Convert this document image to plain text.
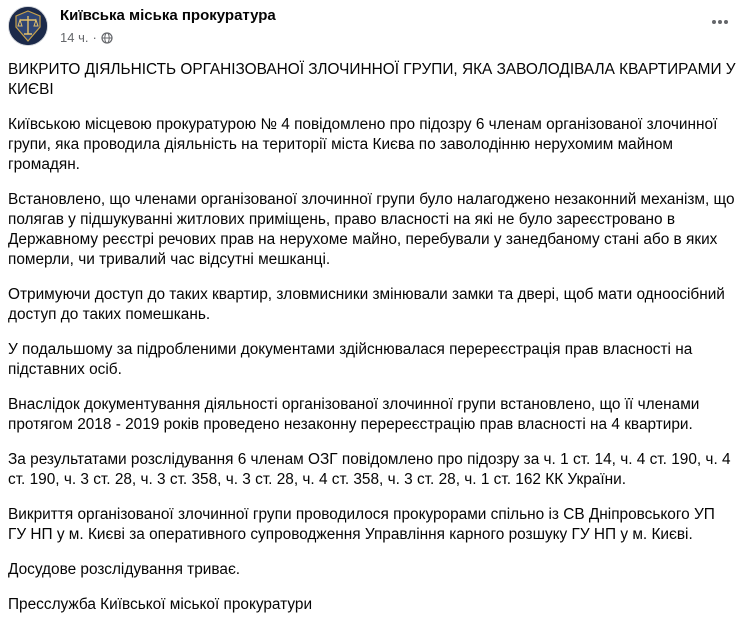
Київська міська прокуратура
14 ч. ·

ВИКРИТО ДІЯЛЬНІСТЬ ОРГАНІЗОВАНОЇ ЗЛОЧИННОЇ ГРУПИ, ЯКА ЗАВОЛОДІВАЛА КВАРТИРАМИ У КИЄВІ

Київською місцевою прокуратурою № 4 повідомлено про підозру 6 членам організованої злочинної групи, яка проводила діяльність на території міста Києва по заволодінню нерухомим майном громадян.

Встановлено, що членами організованої злочинної групи було налагоджено незаконний механізм, що полягав у підшукуванні житлових приміщень, право власності на які не було зареєстровано в Державному реєстрі речових прав на нерухоме майно, перебували у занедбаному стані або в яких померли, чи тривалий час відсутні мешканці.

Отримуючи доступ до таких квартир, зловмисники змінювали замки та двері, щоб мати одноосібний доступ до таких помешкань.

У подальшому за підробленими документами здійснювалася перереєстрація прав власності на підставних осіб.

Внаслідок документування діяльності організованої злочинної групи встановлено, що її членами протягом 2018 - 2019 років проведено незаконну перереєстрацію прав власності на 4 квартири.

За результатами розслідування 6 членам ОЗГ повідомлено про підозру за ч. 1 ст. 14, ч. 4 ст. 190, ч. 4 ст. 190, ч. 3 ст. 28, ч. 3 ст. 358, ч. 3 ст. 28, ч. 4 ст. 358, ч. 3 ст. 28, ч. 1 ст. 162 КК України.

Викриття організованої злочинної групи проводилося прокурорами спільно із СВ Дніпровського УП ГУ НП у м. Києві за оперативного супроводження Управління карного розшуку ГУ НП у м. Києві.

Досудове розслідування триває.

Пресслужба Київської міської прокуратури
